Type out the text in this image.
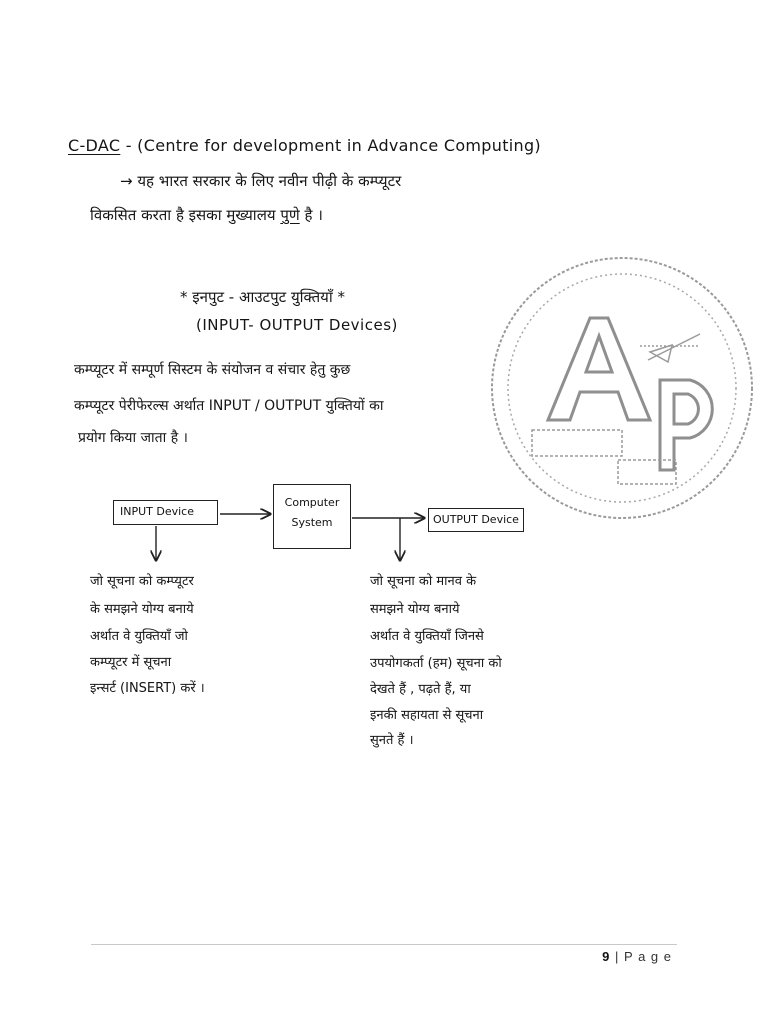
C-DAC - (Centre for development in Advance Computing)
→ यह भारत सरकार के लिए नवीन पीढ़ी के कम्प्यूटर
विकसित करता है इसका मुख्यालय पुणे है ।
* इनपुट - आउटपुट युक्तियाँ *
(INPUT- OUTPUT Devices)
कम्प्यूटर में सम्पूर्ण सिस्टम के संयोजन व संचार हेतु कुछ
कम्प्यूटर पेरीफेरल्स अर्थात INPUT / OUTPUT युक्तियों का
प्रयोग किया जाता है ।
INPUT Device
Computer
System	OUTPUT Device
जो सूचना को कम्प्यूटर
के समझने योग्य बनाये
अर्थात वे युक्तियाँ जो
कम्प्यूटर में सूचना
इन्सर्ट (INSERT) करें ।
जो सूचना को मानव के
समझने योग्य बनाये
अर्थात वे युक्तियाँ जिनसे
उपयोगकर्ता (हम) सूचना को
देखते हैं , पढ़ते हैं, या
इनकी सहायता से सूचना
सुनते हैं ।
9 | P a g e
